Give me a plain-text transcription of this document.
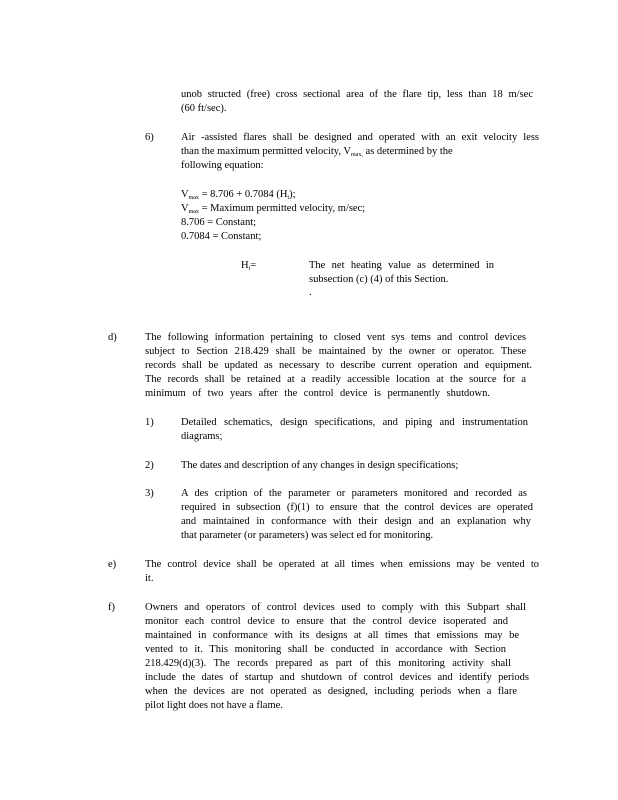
unob structed (free) cross sectional area of the flare tip, less than 18 m/sec
(60 ft/sec).
6)	Air -assisted flares shall be designed and operated with an exit velocity less
than the maximum permitted velocity, $V_{max,}$ as determined by the
following equation:
$V_{max} = 8.706 + 0.7084$ $(H_t)$;
$V_{max}$ = Maximum permitted velocity, m/sec;
8.706 = Constant;
0.7084 = Constant;
$H_t=$	The net heating value as determined in
subsection (c) (4) of this Section.
.
d)	The following information pertaining to closed vent sys tems and control devices
subject to Section 218.429 shall be maintained by the owner or operator. These
records shall be updated as necessary to describe current operation and equipment.
The records shall be retained at a readily accessible location at the source for a
minimum of two years after the control device is permanently shutdown.
1)	Detailed schematics, design specifications, and piping and instrumentation
diagrams;
2)	The dates and description of any changes in design specifications;
3)	A des cription of the parameter or parameters monitored and recorded as
required in subsection (f)(1) to ensure that the control devices are operated
and maintained in conformance with their design and an explanation why
that parameter (or parameters) was select ed for monitoring.
e)	The control device shall be operated at all times when emissions may be vented to
it.
f)	Owners and operators of control devices used to comply with this Subpart shall
monitor each control device to ensure that the control device isoperated and
maintained in conformance with its designs at all times that emissions may be
vented to it. This monitoring shall be conducted in accordance with Section
218.429(d)(3). The records prepared as part of this monitoring activity shall
include the dates of startup and shutdown of control devices and identify periods
when the devices are not operated as designed, including periods when a flare
pilot light does not have a flame.
